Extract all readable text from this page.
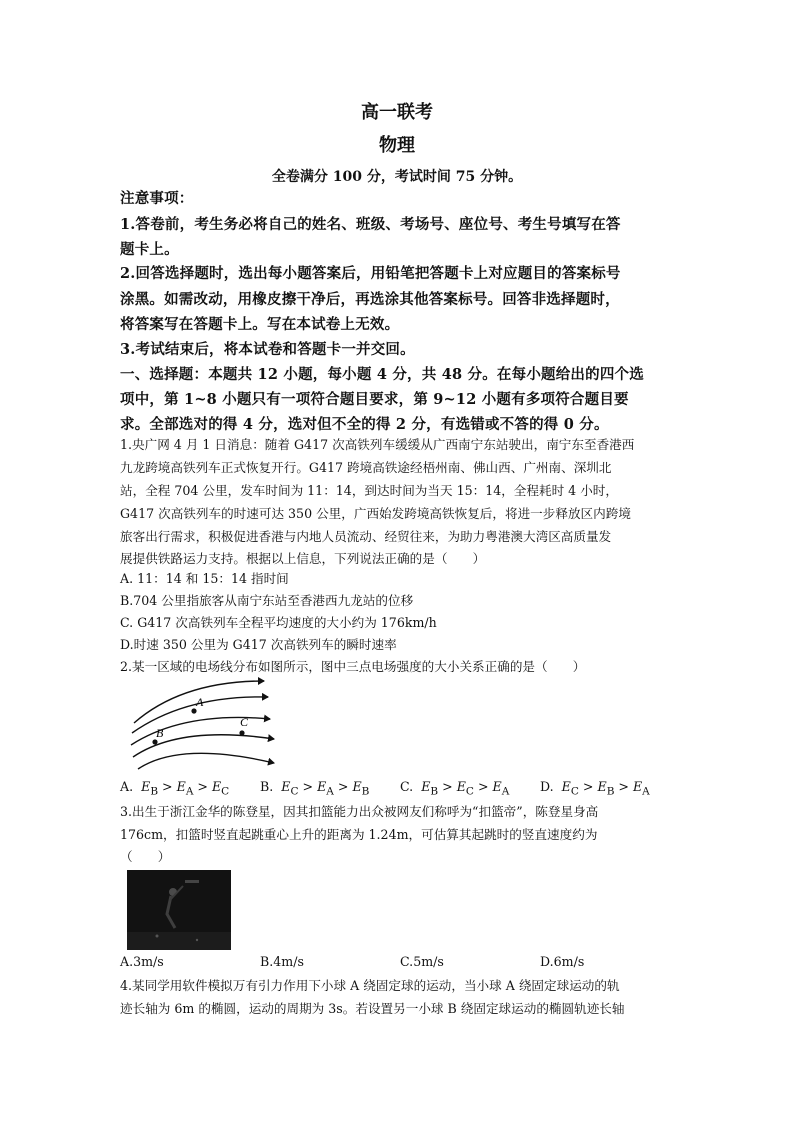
高一联考
物理
全卷满分 100 分，考试时间 75 分钟。
注意事项：
1.答卷前，考生务必将自己的姓名、班级、考场号、座位号、考生号填写在答
题卡上。
2.回答选择题时，选出每小题答案后，用铅笔把答题卡上对应题目的答案标号
涂黑。如需改动，用橡皮擦干净后，再选涂其他答案标号。回答非选择题时，
将答案写在答题卡上。写在本试卷上无效。
3.考试结束后，将本试卷和答题卡一并交回。
一、选择题：本题共 12 小题，每小题 4 分，共 48 分。在每小题给出的四个选
项中，第 1~8 小题只有一项符合题目要求，第 9~12 小题有多项符合题目要
求。全部选对的得 4 分，选对但不全的得 2 分，有选错或不答的得 0 分。
1.央广网 4 月 1 日消息：随着 G417 次高铁列车缓缓从广西南宁东站驶出，南宁东至香港西
九龙跨境高铁列车正式恢复开行。G417 跨境高铁途经梧州南、佛山西、广州南、深圳北
站，全程 704 公里，发车时间为 11：14，到达时间为当天 15：14，全程耗时 4 小时，
G417 次高铁列车的时速可达 350 公里，广西始发跨境高铁恢复后，将进一步释放区内跨境
旅客出行需求，积极促进香港与内地人员流动、经贸往来，为助力粤港澳大湾区高质量发
展提供铁路运力支持。根据以上信息，下列说法正确的是（　　）
A. 11：14 和 15：14 指时间
B.704 公里指旅客从南宁东站至香港西九龙站的位移
C. G417 次高铁列车全程平均速度的大小约为 176km/h
D.时速 350 公里为 G417 次高铁列车的瞬时速率
2.某一区域的电场线分布如图所示，图中三点电场强度的大小关系正确的是（　　）
A
B
C
A. $E_B > E_A > E_C$ B. $E_C > E_A > E_B$ C. $E_B > E_C > E_A$ D. $E_C > E_B > E_A$
3.出生于浙江金华的陈登星，因其扣篮能力出众被网友们称呼为“扣篮帝”，陈登星身高
176cm，扣篮时竖直起跳重心上升的距离为 1.24m，可估算其起跳时的竖直速度约为
（　　）
A.3m/s	B.4m/s	C.5m/s	D.6m/s
4.某同学用软件模拟万有引力作用下小球 A 绕固定球的运动，当小球 A 绕固定球运动的轨
迹长轴为 6m 的椭圆，运动的周期为 3s。若设置另一小球 B 绕固定球运动的椭圆轨迹长轴
